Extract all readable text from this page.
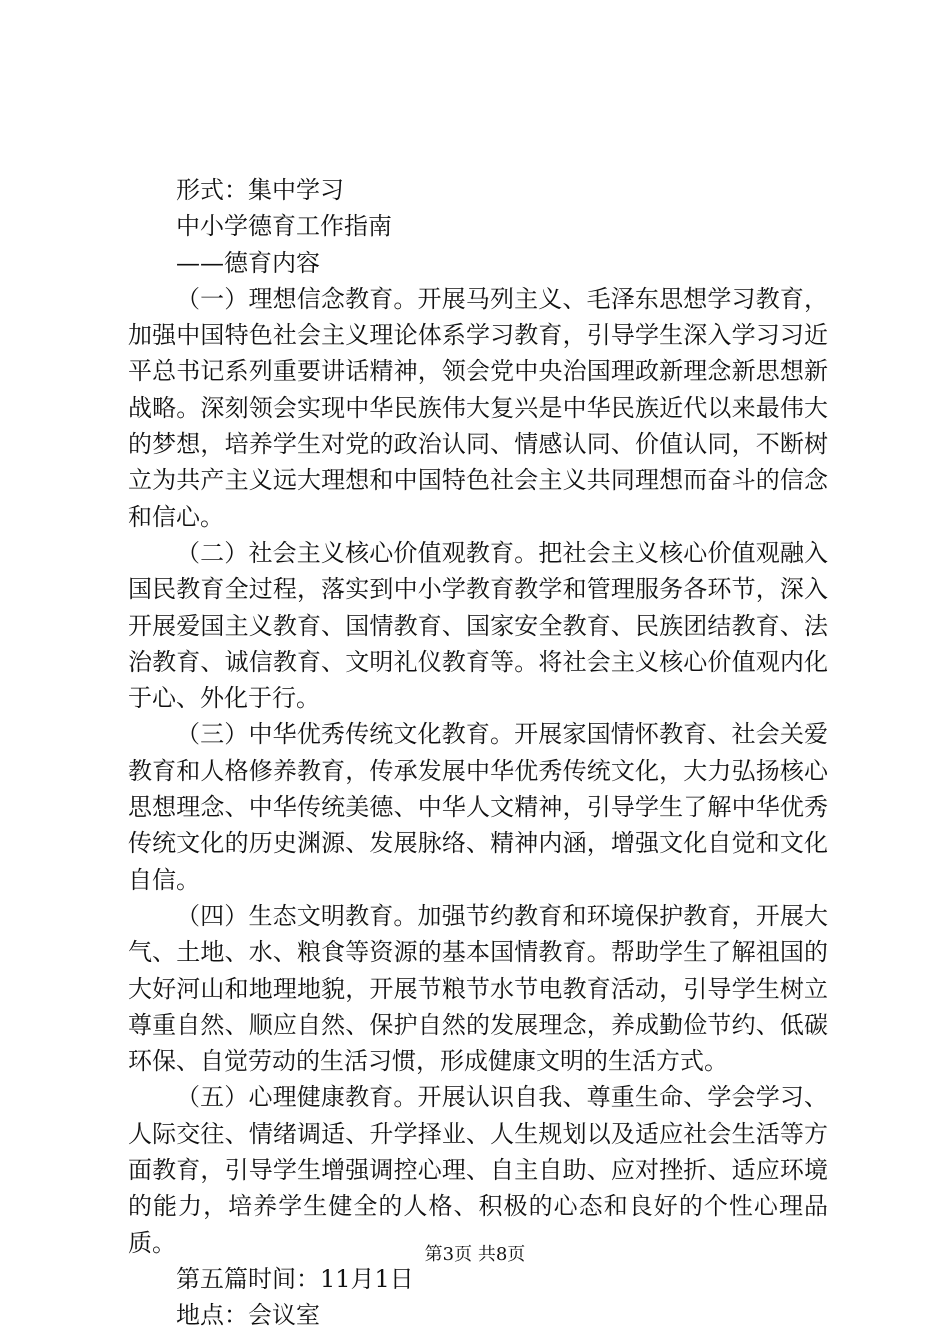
形式：集中学习

中小学德育工作指南

——德育内容

（一）理想信念教育。开展马列主义、毛泽东思想学习教育，加强中国特色社会主义理论体系学习教育，引导学生深入学习习近平总书记系列重要讲话精神，领会党中央治国理政新理念新思想新战略。深刻领会实现中华民族伟大复兴是中华民族近代以来最伟大的梦想，培养学生对党的政治认同、情感认同、价值认同，不断树立为共产主义远大理想和中国特色社会主义共同理想而奋斗的信念和信心。

（二）社会主义核心价值观教育。把社会主义核心价值观融入国民教育全过程，落实到中小学教育教学和管理服务各环节，深入开展爱国主义教育、国情教育、国家安全教育、民族团结教育、法治教育、诚信教育、文明礼仪教育等。将社会主义核心价值观内化于心、外化于行。

（三）中华优秀传统文化教育。开展家国情怀教育、社会关爱教育和人格修养教育，传承发展中华优秀传统文化，大力弘扬核心思想理念、中华传统美德、中华人文精神，引导学生了解中华优秀传统文化的历史渊源、发展脉络、精神内涵，增强文化自觉和文化自信。

（四）生态文明教育。加强节约教育和环境保护教育，开展大气、土地、水、粮食等资源的基本国情教育。帮助学生了解祖国的大好河山和地理地貌，开展节粮节水节电教育活动，引导学生树立尊重自然、顺应自然、保护自然的发展理念，养成勤俭节约、低碳环保、自觉劳动的生活习惯，形成健康文明的生活方式。

（五）心理健康教育。开展认识自我、尊重生命、学会学习、人际交往、情绪调适、升学择业、人生规划以及适应社会生活等方面教育，引导学生增强调控心理、自主自助、应对挫折、适应环境的能力，培养学生健全的人格、积极的心态和良好的个性心理品质。

第五篇时间：11月1日

地点：会议室

第3页 共8页
